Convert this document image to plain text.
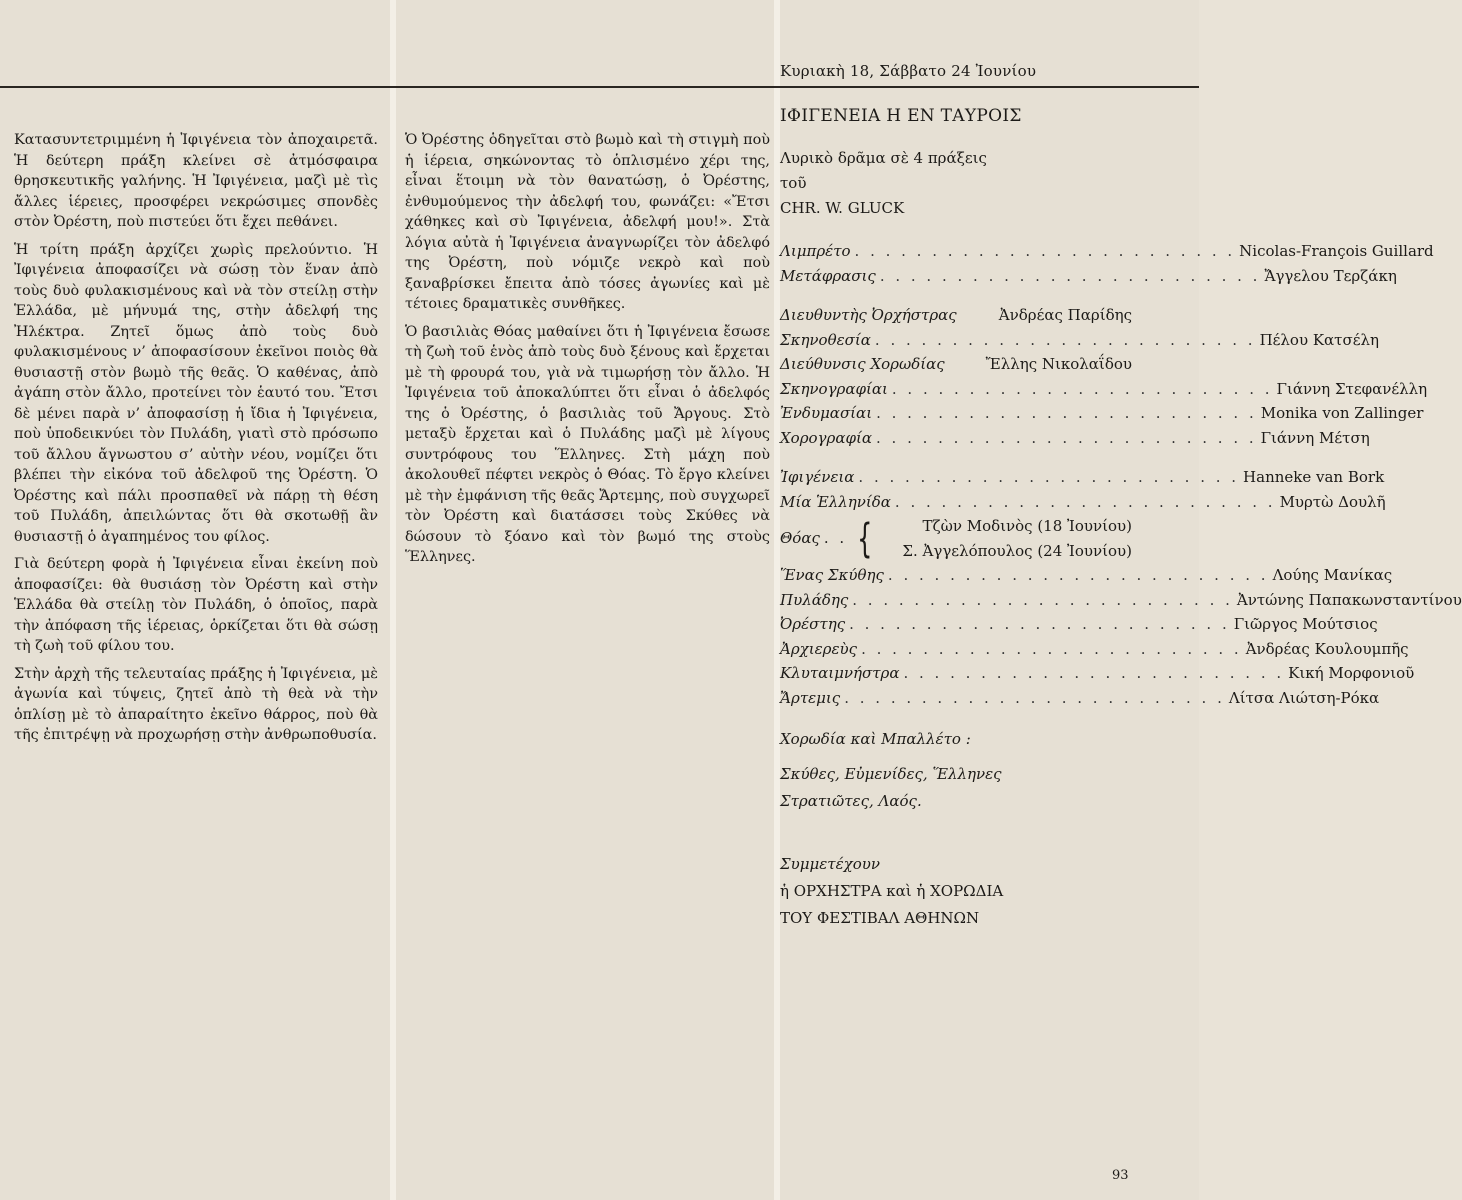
Κυριακὴ 18, Σάββατο 24 Ἰουνίου

Κατασυντετριμμένη ἡ Ἰφιγένεια τὸν ἀποχαιρετᾶ. Ἡ δεύτερη πράξη κλείνει σὲ ἀτμόσφαιρα θρησκευτικῆς γαλήνης. Ἡ Ἰφιγένεια, μαζὶ μὲ τὶς ἄλλες ἱέρειες, προσφέρει νεκρώσιμες σπονδὲς στὸν Ὀρέστη, ποὺ πιστεύει ὅτι ἔχει πεθάνει.

Ἡ τρίτη πράξη ἀρχίζει χωρὶς πρελούντιο. Ἡ Ἰφιγένεια ἀποφασίζει νὰ σώσῃ τὸν ἕναν ἀπὸ τοὺς δυὸ φυλακισμένους καὶ νὰ τὸν στείλῃ στὴν Ἑλλάδα, μὲ μήνυμά της, στὴν ἀδελφή της Ἠλέκτρα. Ζητεῖ ὅμως ἀπὸ τοὺς δυὸ φυλακισμένους ν’ ἀποφασίσουν ἐκεῖνοι ποιὸς θὰ θυσιαστῇ στὸν βωμὸ τῆς θεᾶς. Ὁ καθένας, ἀπὸ ἀγάπη στὸν ἄλλο, προτείνει τὸν ἑαυτό του. Ἔτσι δὲ μένει παρὰ ν’ ἀποφασίσῃ ἡ ἴδια ἡ Ἰφιγένεια, ποὺ ὑποδεικνύει τὸν Πυλάδη, γιατὶ στὸ πρόσωπο τοῦ ἄλλου ἄγνωστου σ’ αὐτὴν νέου, νομίζει ὅτι βλέπει τὴν εἰκόνα τοῦ ἀδελφοῦ της Ὀρέστη. Ὁ Ὀρέστης καὶ πάλι προσπαθεῖ νὰ πάρῃ τὴ θέση τοῦ Πυλάδη, ἀπειλώντας ὅτι θὰ σκοτωθῇ ἂν θυσιαστῇ ὁ ἀγαπημένος του φίλος.

Γιὰ δεύτερη φορὰ ἡ Ἰφιγένεια εἶναι ἐκείνη ποὺ ἀποφασίζει: θὰ θυσιάσῃ τὸν Ὀρέστη καὶ στὴν Ἑλλάδα θὰ στείλῃ τὸν Πυλάδη, ὁ ὁποῖος, παρὰ τὴν ἀπόφαση τῆς ἱέρειας, ὁρκίζεται ὅτι θὰ σώσῃ τὴ ζωὴ τοῦ φίλου του.

Στὴν ἀρχὴ τῆς τελευταίας πράξης ἡ Ἰφιγένεια, μὲ ἀγωνία καὶ τύψεις, ζητεῖ ἀπὸ τὴ θεὰ νὰ τὴν ὁπλίσῃ μὲ τὸ ἀπαραίτητο ἐκεῖνο θάρρος, ποὺ θὰ τῆς ἐπιτρέψῃ νὰ προχωρήσῃ στὴν ἀνθρωποθυσία.

Ὁ Ὀρέστης ὁδηγεῖται στὸ βωμὸ καὶ τὴ στιγμὴ ποὺ ἡ ἱέρεια, σηκώνοντας τὸ ὁπλισμένο χέρι της, εἶναι ἕτοιμη νὰ τὸν θανατώσῃ, ὁ Ὀρέστης, ἐνθυμούμενος τὴν ἀδελφή του, φωνάζει: «Ἔτσι χάθηκες καὶ σὺ Ἰφιγένεια, ἀδελφή μου!». Στὰ λόγια αὐτὰ ἡ Ἰφιγένεια ἀναγνωρίζει τὸν ἀδελφό της Ὀρέστη, ποὺ νόμιζε νεκρὸ καὶ ποὺ ξαναβρίσκει ἔπειτα ἀπὸ τόσες ἀγωνίες καὶ μὲ τέτοιες δραματικὲς συνθῆκες.

Ὁ βασιλιὰς Θόας μαθαίνει ὅτι ἡ Ἰφιγένεια ἔσωσε τὴ ζωὴ τοῦ ἑνὸς ἀπὸ τοὺς δυὸ ξένους καὶ ἔρχεται μὲ τὴ φρουρά του, γιὰ νὰ τιμωρήσῃ τὸν ἄλλο. Ἡ Ἰφιγένεια τοῦ ἀποκαλύπτει ὅτι εἶναι ὁ ἀδελφός της ὁ Ὀρέστης, ὁ βασιλιὰς τοῦ Ἄργους. Στὸ μεταξὺ ἔρχεται καὶ ὁ Πυλάδης μαζὶ μὲ λίγους συντρόφους του Ἕλληνες. Στὴ μάχη ποὺ ἀκολουθεῖ πέφτει νεκρὸς ὁ Θόας. Τὸ ἔργο κλείνει μὲ τὴν ἐμφάνιση τῆς θεᾶς Ἄρτεμης, ποὺ συγχωρεῖ τὸν Ὀρέστη καὶ διατάσσει τοὺς Σκύθες νὰ δώσουν τὸ ξόανο καὶ τὸν βωμό της στοὺς Ἕλληνες.

ΙΦΙΓΕΝΕΙΑ Η ΕΝ ΤΑΥΡΟΙΣ
Λυρικὸ δρᾶμα σὲ 4 πράξεις
τοῦ
CHR. W. GLUCK
Λιμπρέτο . . . . . . . . . . . . . . . . . . . . . . . . . Nicolas-François Guillard
Μετάφρασις . . . . . . . . . . . . . . . . . . . . . . . . . Ἄγγελου Τερζάκη
Διευθυντὴς Ὀρχήστρας	Ἀνδρέας Παρίδης
Σκηνοθεσία . . . . . . . . . . . . . . . . . . . . . . . . . Πέλου Κατσέλη
Διεύθυνσις Χορωδίας	Ἔλλης Νικολαΐδου
Σκηνογραφίαι . . . . . . . . . . . . . . . . . . . . . . . . . Γιάννη Στεφανέλλη
Ἐνδυμασίαι . . . . . . . . . . . . . . . . . . . . . . . . . Monika von Zallinger
Χορογραφία . . . . . . . . . . . . . . . . . . . . . . . . . Γιάννη Μέτση
Ἰφιγένεια . . . . . . . . . . . . . . . . . . . . . . . . . Hanneke van Bork
Μία Ἑλληνίδα . . . . . . . . . . . . . . . . . . . . . . . . . Μυρτὼ Δουλῆ
Θόας . . {	Τζὼν Μοδινὸς (18 Ἰουνίου)
Σ. Ἀγγελόπουλος (24 Ἰουνίου)
Ἕνας Σκύθης . . . . . . . . . . . . . . . . . . . . . . . . . Λούης Μανίκας
Πυλάδης . . . . . . . . . . . . . . . . . . . . . . . . . Ἀντώνης Παπακωνσταντίνου
Ὀρέστης . . . . . . . . . . . . . . . . . . . . . . . . . Γιῶργος Μούτσιος
Ἀρχιερεὺς . . . . . . . . . . . . . . . . . . . . . . . . . Ἀνδρέας Κουλουμπῆς
Κλυταιμνήστρα . . . . . . . . . . . . . . . . . . . . . . . . . Κική Μορφονιοῦ
Ἄρτεμις . . . . . . . . . . . . . . . . . . . . . . . . . Λίτσα Λιώτση-Ρόκα
Χορωδία καὶ Μπαλλέτο :
Σκύθες, Εὐμενίδες, Ἕλληνες
Στρατιῶτες, Λαός.
Συμμετέχουν
ἡ ΟΡΧΗΣΤΡΑ καὶ ἡ ΧΟΡΩΔΙΑ
ΤΟΥ ΦΕΣΤΙΒΑΛ ΑΘΗΝΩΝ
93
